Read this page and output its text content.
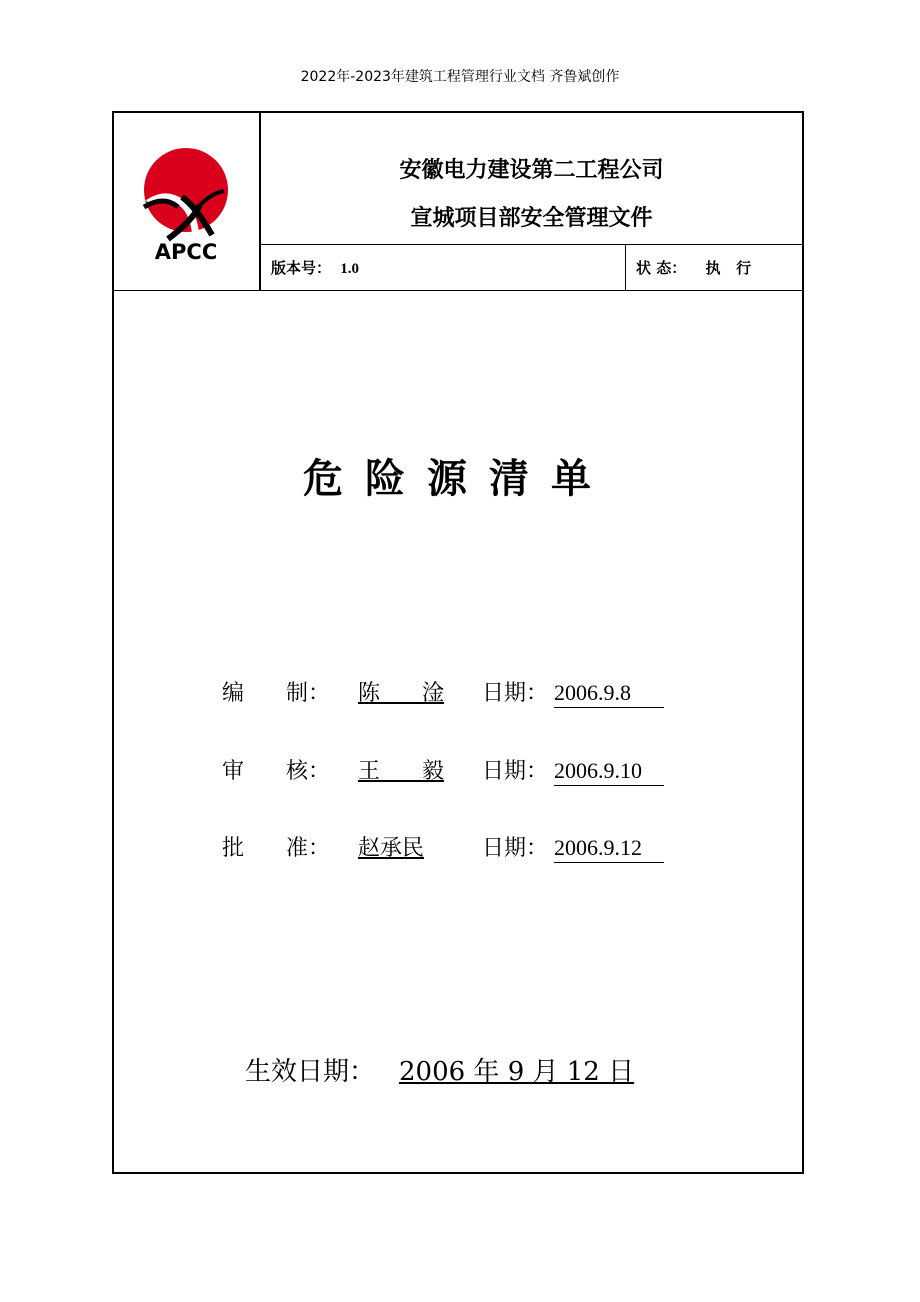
2022年-2023年建筑工程管理行业文档 齐鲁斌创作
APCC
安徽电力建设第二工程公司
宣城项目部安全管理文件
版本号： 1.0	状 态： 执   行
危险源清单
编      制： 陈      淦 日期： 2006.9.8
审      核： 王      毅 日期： 2006.9.10
批      准： 赵承民	日期： 2006.9.12
生效日期： 2006 年 9 月 12 日
